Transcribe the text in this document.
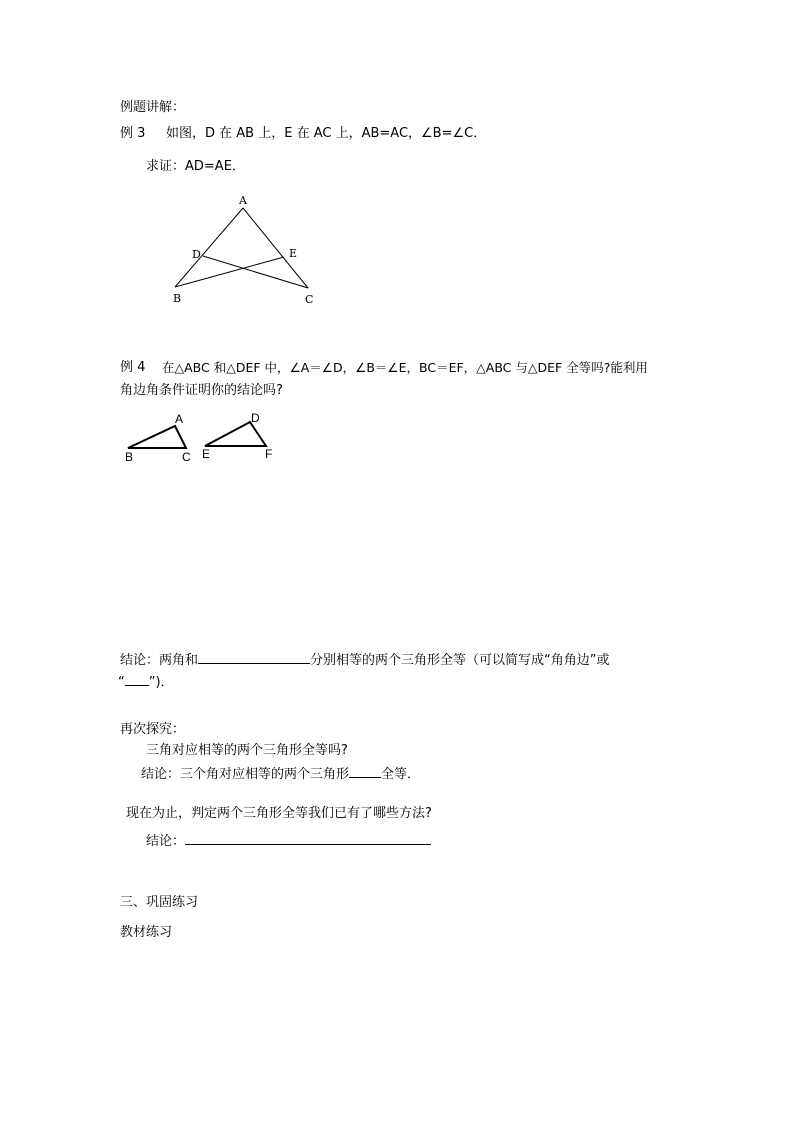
例题讲解：
例 3 如图，D 在 AB 上，E 在 AC 上，AB=AC，∠B=∠C．
求证：AD=AE．
A
D	E
B	C
A
B	C
D
E	F
例 4 在△ABC 和△DEF 中，∠A＝∠D，∠B＝∠E，BC＝EF，△ABC 与△DEF 全等吗?能利用
角边角条件证明你的结论吗?
结论：两角和	分别相等的两个三角形全等（可以简写成“角角边”或
“ ”)．
再次探究：
三角对应相等的两个三角形全等吗?
结论：三个角对应相等的两个三角形 全等．
现在为止，判定两个三角形全等我们已有了哪些方法?
结论：
三、巩固练习
教材练习
